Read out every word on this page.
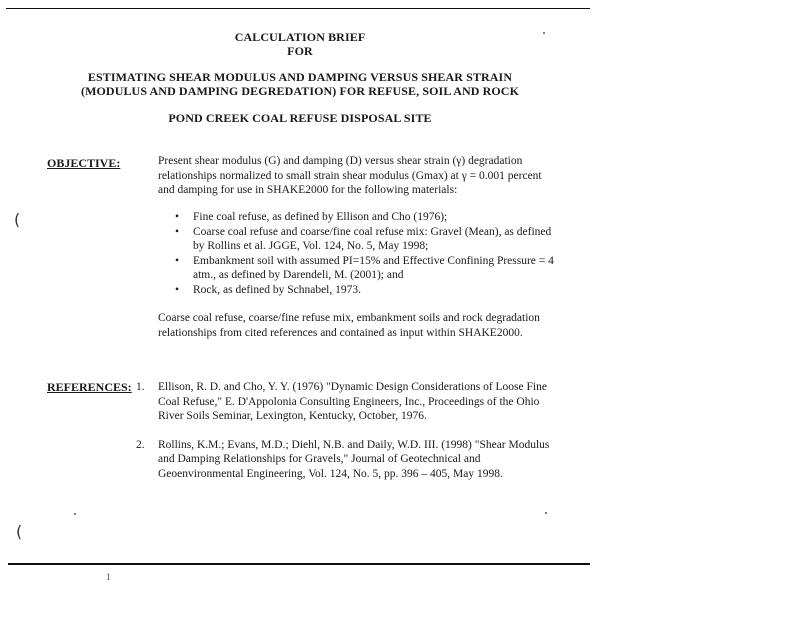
CALCULATION BRIEF
FOR
ESTIMATING SHEAR MODULUS AND DAMPING VERSUS SHEAR STRAIN
(MODULUS AND DAMPING DEGREDATION) FOR REFUSE, SOIL AND ROCK
POND CREEK COAL REFUSE DISPOSAL SITE
OBJECTIVE:	Present shear modulus (G) and damping (D) versus shear strain (γ) degradation relationships normalized to small strain shear modulus (Gmax) at γ = 0.001 percent and damping for use in SHAKE2000 for the following materials:
• Fine coal refuse, as defined by Ellison and Cho (1976);
• Coarse coal refuse and coarse/fine coal refuse mix: Gravel (Mean), as defined by Rollins et al. JGGE, Vol. 124, No. 5, May 1998;
• Embankment soil with assumed PI=15% and Effective Confining Pressure = 4 atm., as defined by Darendeli, M. (2001); and
• Rock, as defined by Schnabel, 1973.
Coarse coal refuse, coarse/fine refuse mix, embankment soils and rock degradation relationships from cited references and contained as input within SHAKE2000.
REFERENCES: 1. Ellison, R. D. and Cho, Y. Y. (1976) "Dynamic Design Considerations of Loose Fine Coal Refuse," E. D'Appolonia Consulting Engineers, Inc., Proceedings of the Ohio River Soils Seminar, Lexington, Kentucky, October, 1976.
2. Rollins, K.M.; Evans, M.D.; Diehl, N.B. and Daily, W.D. III. (1998) "Shear Modulus and Damping Relationships for Gravels," Journal of Geotechnical and Geoenvironmental Engineering, Vol. 124, No. 5, pp. 396 – 405, May 1998.
(
(
1
